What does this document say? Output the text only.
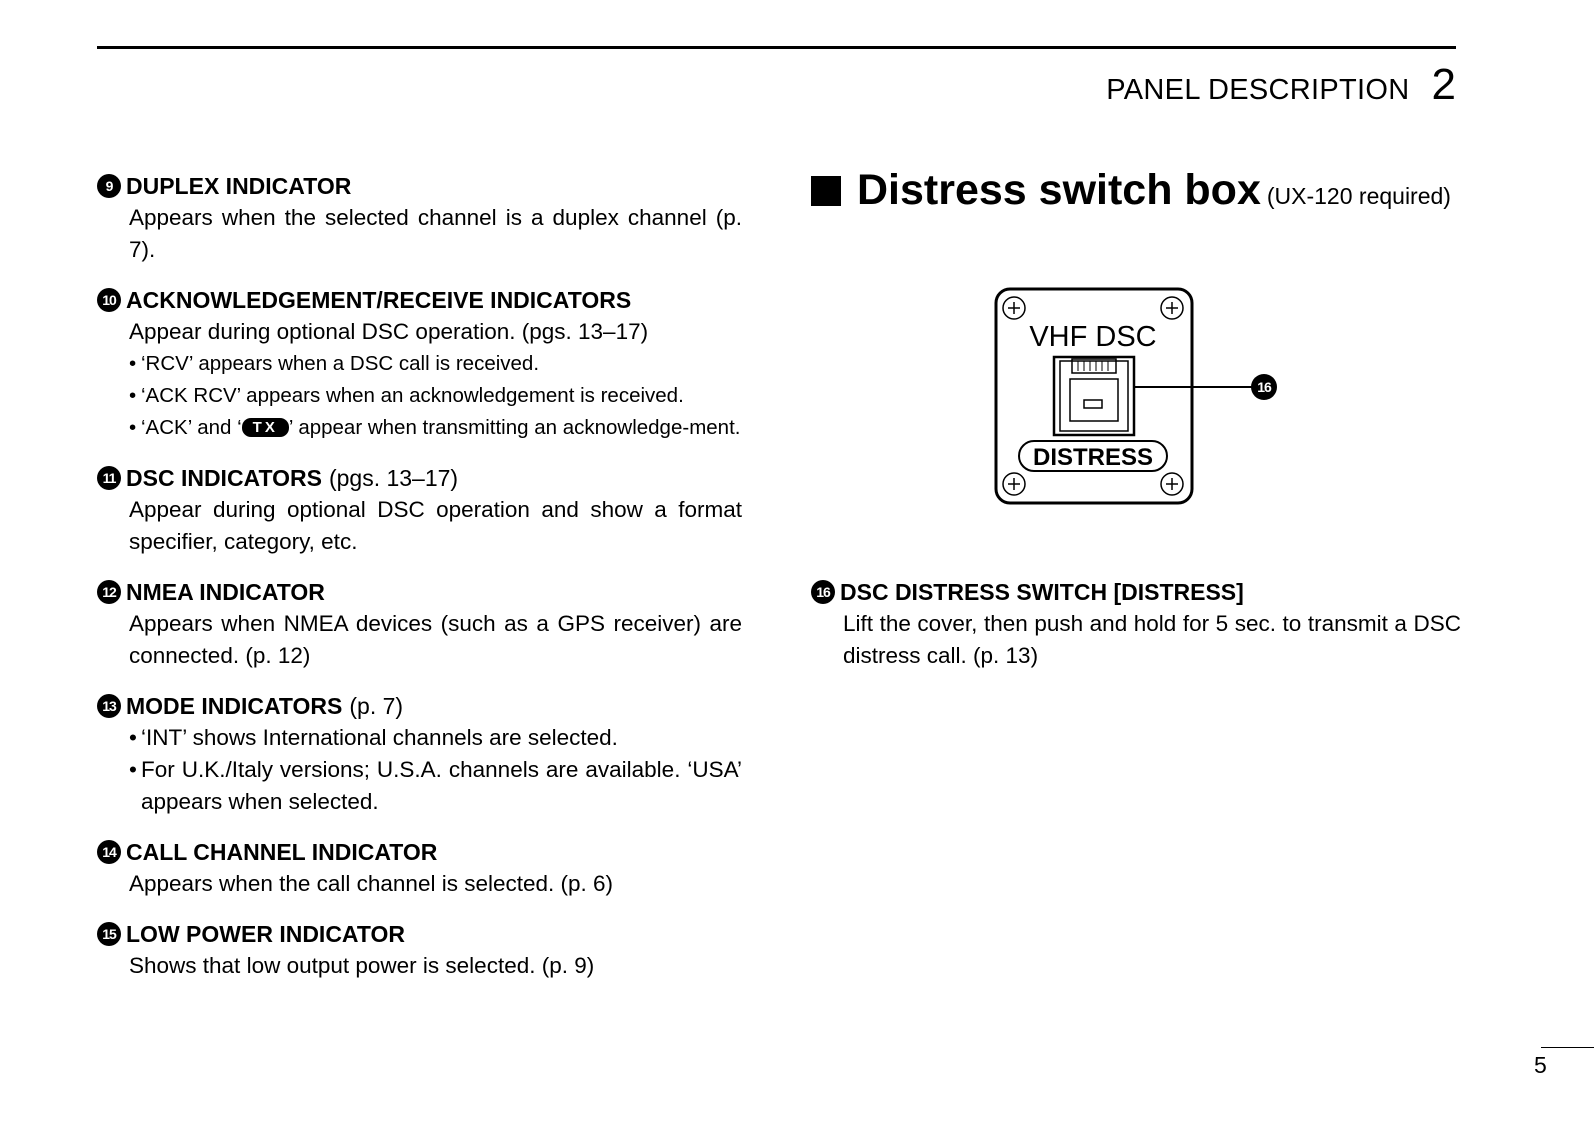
PANEL DESCRIPTION 2
9 DUPLEX INDICATOR
Appears when the selected channel is a duplex channel (p. 7).
10 ACKNOWLEDGEMENT/RECEIVE INDICATORS
Appear during optional DSC operation. (pgs. 13–17)
• ‘RCV’ appears when a DSC call is received.
• ‘ACK RCV’ appears when an acknowledgement is received.
• ‘ACK’ and ‘ TX ’ appear when transmitting an acknowledge-ment.
11 DSC INDICATORS (pgs. 13–17)
Appear during optional DSC operation and show a format specifier, category, etc.
12 NMEA INDICATOR
Appears when NMEA devices (such as a GPS receiver) are connected. (p. 12)
13 MODE INDICATORS (p. 7)
• ‘INT’ shows International channels are selected.
• For U.K./Italy versions; U.S.A. channels are available. ‘USA’ appears when selected.
14 CALL CHANNEL INDICATOR
Appears when the call channel is selected. (p. 6)
15 LOW POWER INDICATOR
Shows that low output power is selected. (p. 9)
Distress switch box (UX-120 required)
VHF DSC
DISTRESS
16
16 DSC DISTRESS SWITCH [DISTRESS]
Lift the cover, then push and hold for 5 sec. to transmit a DSC distress call. (p. 13)
5
